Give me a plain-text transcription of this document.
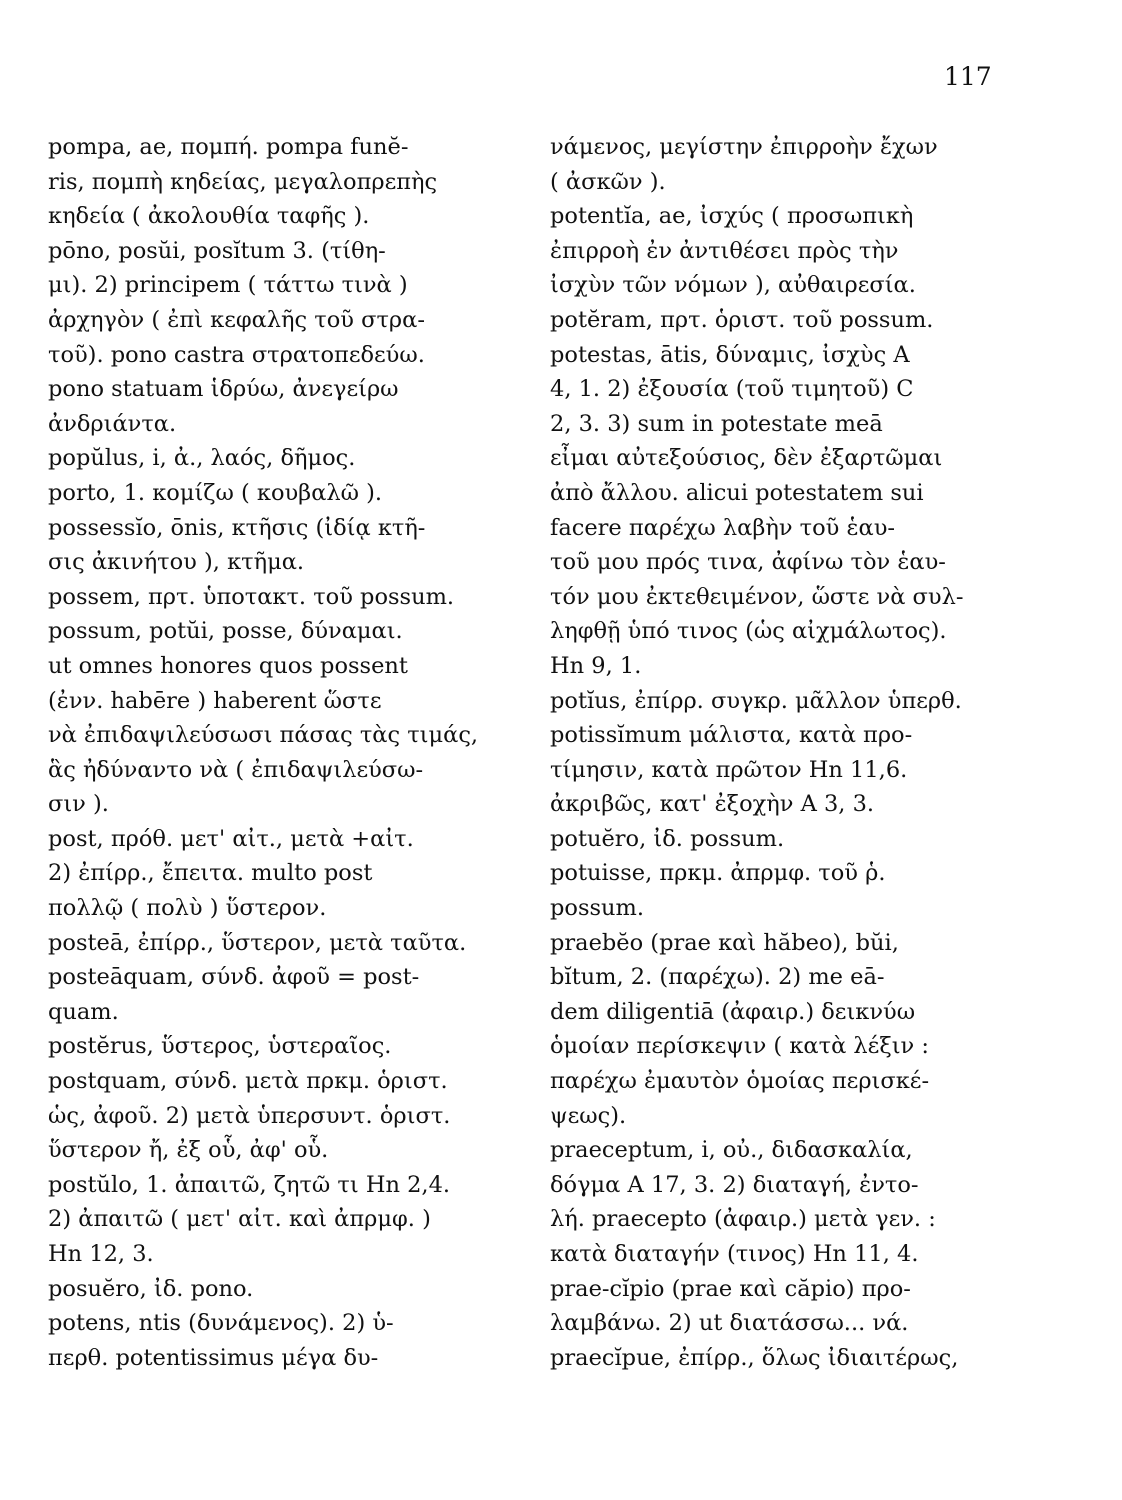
117
pompa, ae, πομπή. pompa funĕ-
ris, πομπὴ κηδείας, μεγαλοπρεπὴς
κηδεία ( ἀκολουθία ταφῆς ).
pōno, posŭi, posĭtum 3. (τίθη-
μι). 2) principem ( τάττω τινὰ )
ἀρχηγὸν ( ἐπὶ κεφαλῆς τοῦ στρα-
τοῦ). pono castra στρατοπεδεύω.
pono statuam ἱδρύω, ἀνεγείρω
ἀνδριάντα.
popŭlus, i, ἀ., λαός, δῆμος.
porto, 1. κομίζω ( κουβαλῶ ).
possessĭo, ōnis, κτῆσις (ἰδίᾳ κτῆ-
σις ἀκινήτου ), κτῆμα.
possem, πρτ. ὑποτακτ. τοῦ possum.
possum, potŭi, posse, δύναμαι.
ut omnes honores quos possent
(ἐνν. habēre ) haberent ὥστε
νὰ ἐπιδαψιλεύσωσι πάσας τὰς τιμάς,
ἃς ἠδύναντο νὰ ( ἐπιδαψιλεύσω-
σιν ).
post, πρόθ. μετ' αἰτ., μετὰ +αἰτ.
2) ἐπίρρ., ἔπειτα. multo post
πολλῷ ( πολὺ ) ὕστερον.
posteā, ἐπίρρ., ὕστερον, μετὰ ταῦτα.
posteāquam, σύνδ. ἀφοῦ = post-
quam.
postĕrus, ὕστερος, ὑστεραῖος.
postquam, σύνδ. μετὰ πρκμ. ὁριστ.
ὡς, ἀφοῦ. 2) μετὰ ὑπερσυντ. ὁριστ.
ὕστερον ἤ, ἐξ οὗ, ἀφ' οὗ.
postŭlo, 1. ἀπαιτῶ, ζητῶ τι Hn 2,4.
2) ἀπαιτῶ ( μετ' αἰτ. καὶ ἀπρμφ. )
Hn 12, 3.
posuĕro, ἰδ. pono.
potens, ntis (δυνάμενος). 2) ὑ-
περθ. potentissimus μέγα δυ-
νάμενος, μεγίστην ἐπιρροὴν ἔχων
( ἀσκῶν ).
potentĭa, ae, ἰσχύς ( προσωπικὴ
ἐπιρροὴ ἐν ἀντιθέσει πρὸς τὴν
ἰσχὺν τῶν νόμων ), αὐθαιρεσία.
potĕram, πρτ. ὁριστ. τοῦ possum.
potestas, ātis, δύναμις, ἰσχὺς A
4, 1. 2) ἐξουσία (τοῦ τιμητοῦ) C
2, 3. 3) sum in potestate meā
εἶμαι αὐτεξούσιος, δὲν ἐξαρτῶμαι
ἀπὸ ἄλλου. alicui potestatem sui
facere παρέχω λαβὴν τοῦ ἑαυ-
τοῦ μου πρός τινα, ἀφίνω τὸν ἑαυ-
τόν μου ἐκτεθειμένον, ὥστε νὰ συλ-
ληφθῇ ὑπό τινος (ὡς αἰχμάλωτος).
Hn 9, 1.
potĭus, ἐπίρρ. συγκρ. μᾶλλον ὑπερθ.
potissĭmum μάλιστα, κατὰ προ-
τίμησιν, κατὰ πρῶτον Hn 11,6.
ἀκριβῶς, κατ' ἐξοχὴν A 3, 3.
potuĕro, ἰδ. possum.
potuisse, πρκμ. ἀπρμφ. τοῦ ῥ.
possum.
praebĕo (prae καὶ hăbeo), bŭi,
bĭtum, 2. (παρέχω). 2) me eā-
dem diligentiā (ἀφαιρ.) δεικνύω
ὁμοίαν περίσκεψιν ( κατὰ λέξιν :
παρέχω ἐμαυτὸν ὁμοίας περισκέ-
ψεως).
praeceptum, i, οὐ., διδασκαλία,
δόγμα A 17, 3. 2) διαταγή, ἐντο-
λή. praecepto (ἀφαιρ.) μετὰ γεν. :
κατὰ διαταγήν (τινος) Hn 11, 4.
prae-cĭpio (prae καὶ căpio) προ-
λαμβάνω. 2) ut διατάσσω... νά.
praecĭpue, ἐπίρρ., ὅλως ἰδιαιτέρως,
